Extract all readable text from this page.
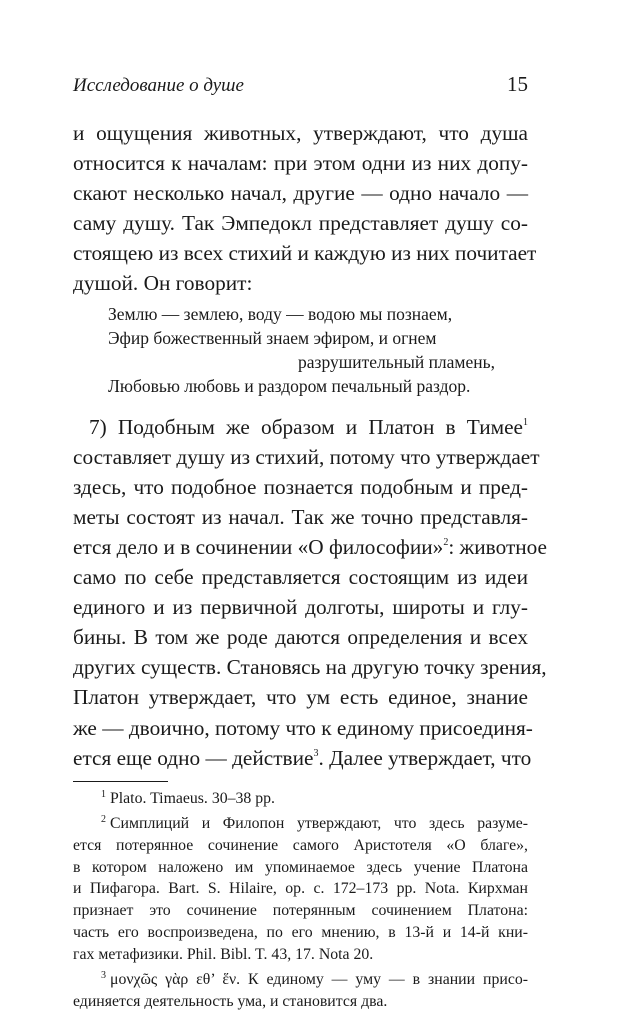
Исследование о душе	15
и ощущения животных, утверждают, что душа
относится к началам: при этом одни из них допу-
скают несколько начал, другие — одно начало —
саму душу. Так Эмпедокл представляет душу со-
стоящею из всех стихий и каждую из них почитает
душой. Он говорит:
Землю — землею, воду — водою мы познаем,
Эфир божественный знаем эфиром, и огнем
разрушительный пламень,
Любовью любовь и раздором печальный раздор.
7) Подобным же образом и Платон в Тимее$^1$
составляет душу из стихий, потому что утверждает
здесь, что подобное познается подобным и пред-
меты состоят из начал. Так же точно представля-
ется дело и в сочинении «О философии»$^2$: животное
само по себе представляется состоящим из идеи
единого и из первичной долготы, широты и глу-
бины. В том же роде даются определения и всех
других существ. Становясь на другую точку зрения,
Платон утверждает, что ум есть единое, знание
же — двоично, потому что к единому присоединя-
ется еще одно — действие$^3$. Далее утверждает, что
$^1$ Plato. Timaeus. 30–38 pp.
$^2$ Симплиций и Филопон утверждают, что здесь разуме-
ется потерянное сочинение самого Аристотеля «О благе»,
в котором наложено им упоминаемое здесь учение Платона
и Пифагора. Bart. S. Hilaire, op. c. 172–173 pp. Nota. Кирхман
признает это сочинение потерянным сочинением Платона:
часть его воспроизведена, по его мнению, в 13-й и 14-й кни-
гах метафизики. Phil. Bibl. T. 43, 17. Nota 20.
$^3$ μονχῶς γὰρ εθ’ ἕν. К единому — уму — в знании присо-
единяется деятельность ума, и становится два.
